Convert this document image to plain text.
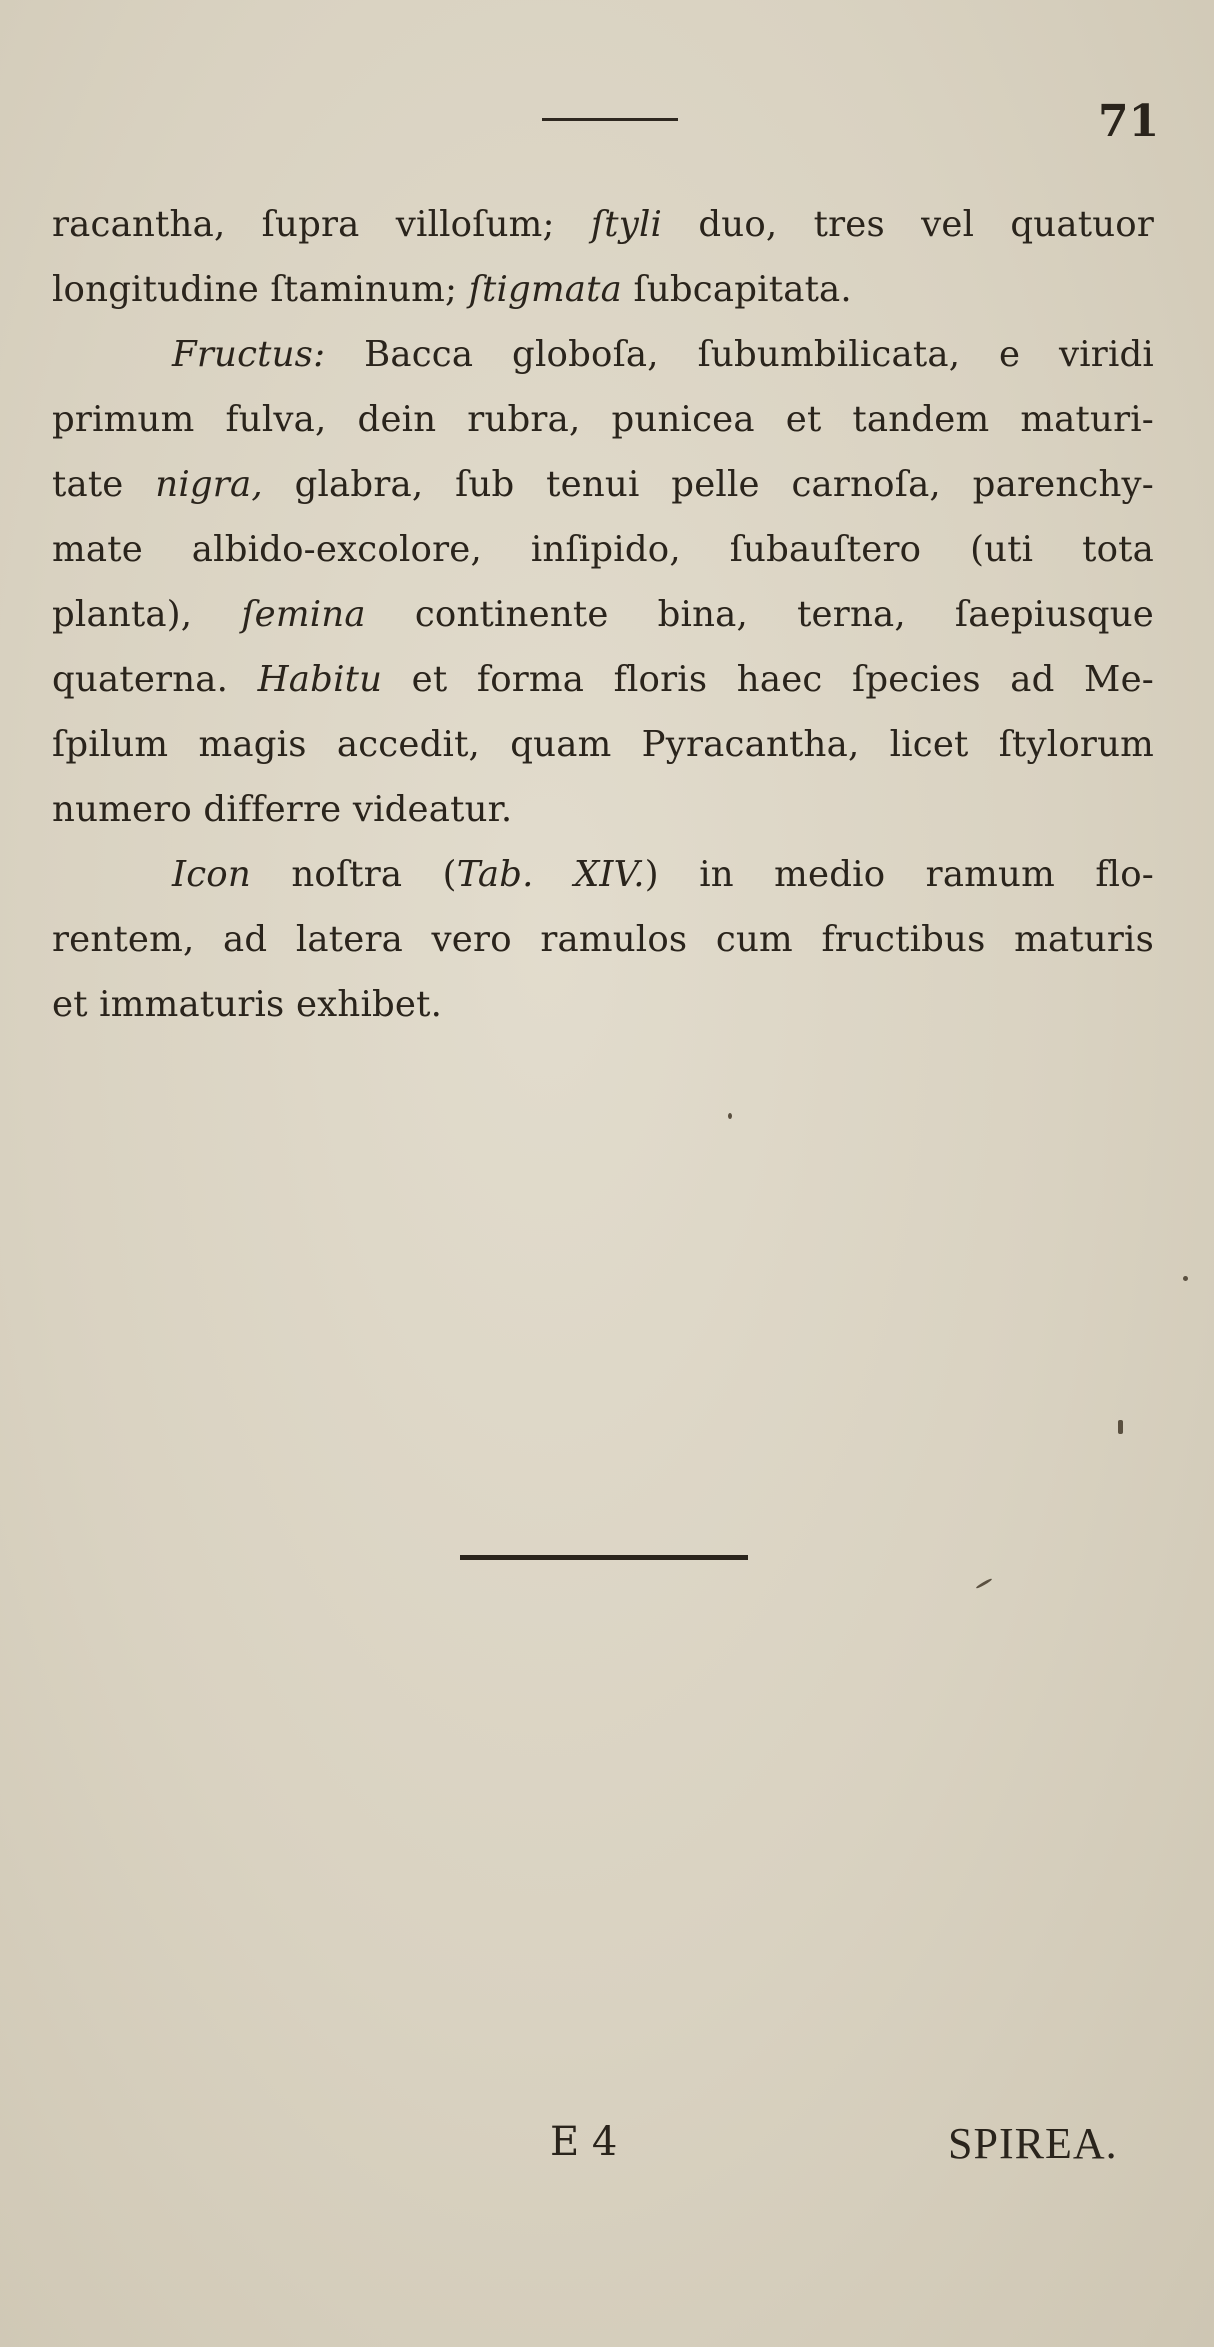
71
racantha, ſupra villoſum; ſtyli duo, tres vel quatuor
longitudine ſtaminum; ſtigmata ſubcapitata.
Fructus: Bacca globoſa, ſubumbilicata, e viridi
primum fulva, dein rubra, punicea et tandem maturi-
tate nigra, glabra, ſub tenui pelle carnoſa, parenchy-
mate albido-excolore, inſipido, ſubauſtero (uti tota
planta), ſemina continente bina, terna, ſaepiusque
quaterna. Habitu et forma floris haec ſpecies ad Me-
ſpilum magis accedit, quam Pyracantha, licet ſtylorum
numero differre videatur.
Icon noſtra (Tab. XIV.) in medio ramum flo-
rentem, ad latera vero ramulos cum fructibus maturis
et immaturis exhibet.
E 4	SPIREA.
